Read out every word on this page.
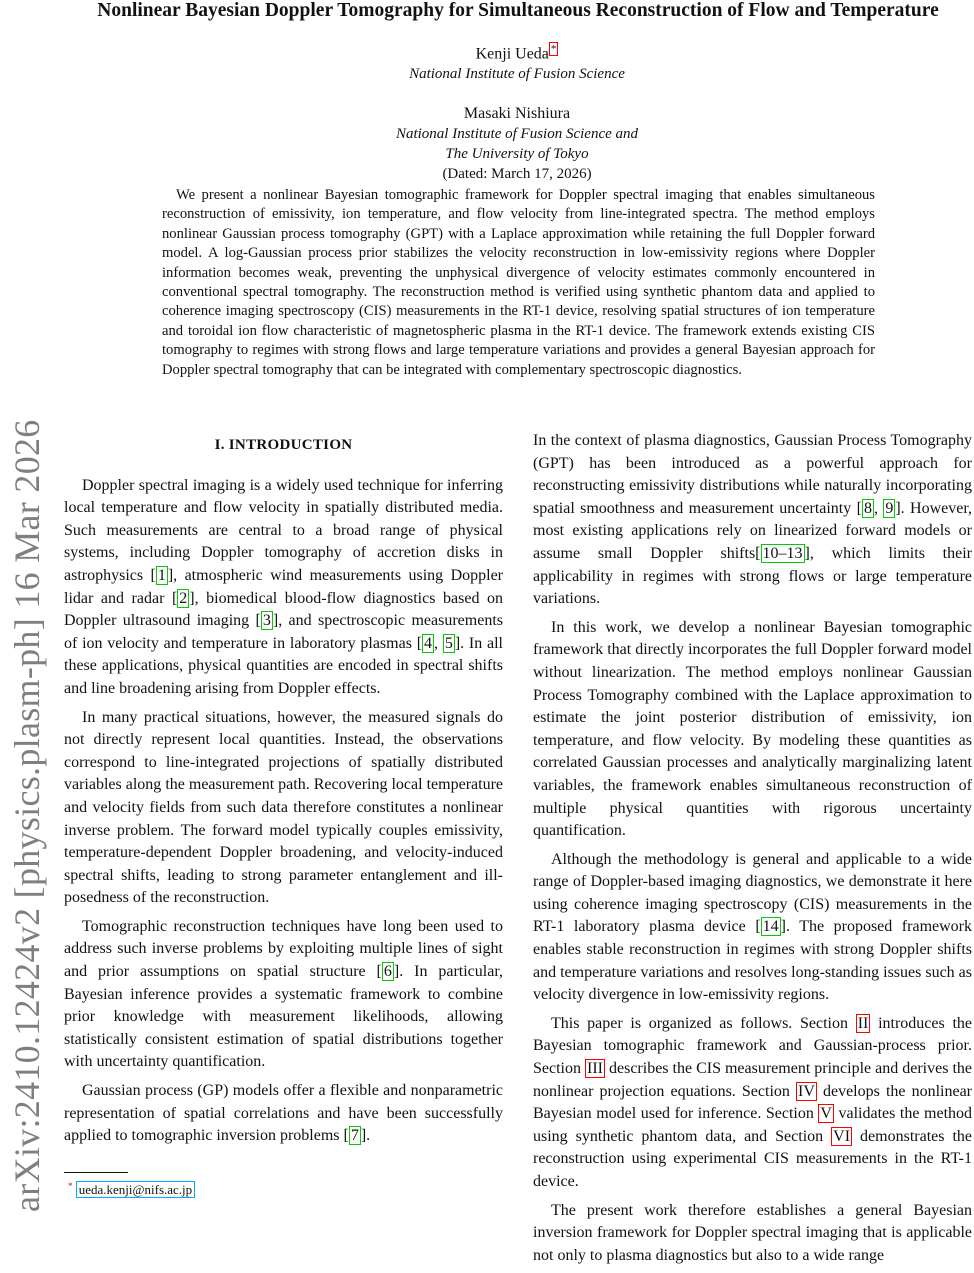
arXiv:2410.12424v2 [physics.plasm-ph] 16 Mar 2026
Nonlinear Bayesian Doppler Tomography for Simultaneous Reconstruction of Flow and Temperature
Kenji Ueda *
National Institute of Fusion Science
Masaki Nishiura
National Institute of Fusion Science and
The University of Tokyo
(Dated: March 17, 2026)

We present a nonlinear Bayesian tomographic framework for Doppler spectral imaging that enables simultaneous reconstruction of emissivity, ion temperature, and flow velocity from line-integrated spectra. The method employs nonlinear Gaussian process tomography (GPT) with a Laplace approximation while retaining the full Doppler forward model. A log-Gaussian process prior stabilizes the velocity reconstruction in low-emissivity regions where Doppler information becomes weak, preventing the unphysical divergence of velocity estimates commonly encountered in conventional spectral tomography. The reconstruction method is verified using synthetic phantom data and applied to coherence imaging spectroscopy (CIS) measurements in the RT-1 device, resolving spatial structures of ion temperature and toroidal ion flow characteristic of magnetospheric plasma in the RT-1 device. The framework extends existing CIS tomography to regimes with strong flows and large temperature variations and provides a general Bayesian approach for Doppler spectral tomography that can be integrated with complementary spectroscopic diagnostics.

I. INTRODUCTION

Doppler spectral imaging is a widely used technique for inferring local temperature and flow velocity in spatially distributed media. Such measurements are central to a broad range of physical systems, including Doppler tomography of accretion disks in astrophysics [ 1 ], atmospheric wind measurements using Doppler lidar and radar [ 2 ], biomedical blood-flow diagnostics based on Doppler ultrasound imaging [ 3 ], and spectroscopic measurements of ion velocity and temperature in laboratory plasmas [ 4 , 5 ]. In all these applications, physical quantities are encoded in spectral shifts and line broadening arising from Doppler effects.

In many practical situations, however, the measured signals do not directly represent local quantities. Instead, the observations correspond to line-integrated projections of spatially distributed variables along the measurement path. Recovering local temperature and velocity fields from such data therefore constitutes a nonlinear inverse problem. The forward model typically couples emissivity, temperature-dependent Doppler broadening, and velocity-induced spectral shifts, leading to strong parameter entanglement and ill-posedness of the reconstruction.

Tomographic reconstruction techniques have long been used to address such inverse problems by exploiting multiple lines of sight and prior assumptions on spatial structure [ 6 ]. In particular, Bayesian inference provides a systematic framework to combine prior knowledge with measurement likelihoods, allowing statistically consistent estimation of spatial distributions together with uncertainty quantification.

Gaussian process (GP) models offer a flexible and nonparametric representation of spatial correlations and have been successfully applied to tomographic inversion problems [ 7 ].

In the context of plasma diagnostics, Gaussian Process Tomography (GPT) has been introduced as a powerful approach for reconstructing emissivity distributions while naturally incorporating spatial smoothness and measurement uncertainty [ 8 , 9 ]. However, most existing applications rely on linearized forward models or assume small Doppler shifts[ 10–13 ], which limits their applicability in regimes with strong flows or large temperature variations.

In this work, we develop a nonlinear Bayesian tomographic framework that directly incorporates the full Doppler forward model without linearization. The method employs nonlinear Gaussian Process Tomography combined with the Laplace approximation to estimate the joint posterior distribution of emissivity, ion temperature, and flow velocity. By modeling these quantities as correlated Gaussian processes and analytically marginalizing latent variables, the framework enables simultaneous reconstruction of multiple physical quantities with rigorous uncertainty quantification.

Although the methodology is general and applicable to a wide range of Doppler-based imaging diagnostics, we demonstrate it here using coherence imaging spectroscopy (CIS) measurements in the RT-1 laboratory plasma device [ 14 ]. The proposed framework enables stable reconstruction in regimes with strong Doppler shifts and temperature variations and resolves long-standing issues such as velocity divergence in low-emissivity regions.

This paper is organized as follows. Section II introduces the Bayesian tomographic framework and Gaussian-process prior. Section III describes the CIS measurement principle and derives the nonlinear projection equations. Section IV develops the nonlinear Bayesian model used for inference. Section V validates the method using synthetic phantom data, and Section VI demonstrates the reconstruction using experimental CIS measurements in the RT-1 device.

The present work therefore establishes a general Bayesian inversion framework for Doppler spectral imaging that is applicable not only to plasma diagnostics but also to a wide range

* ueda.kenji@nifs.ac.jp
